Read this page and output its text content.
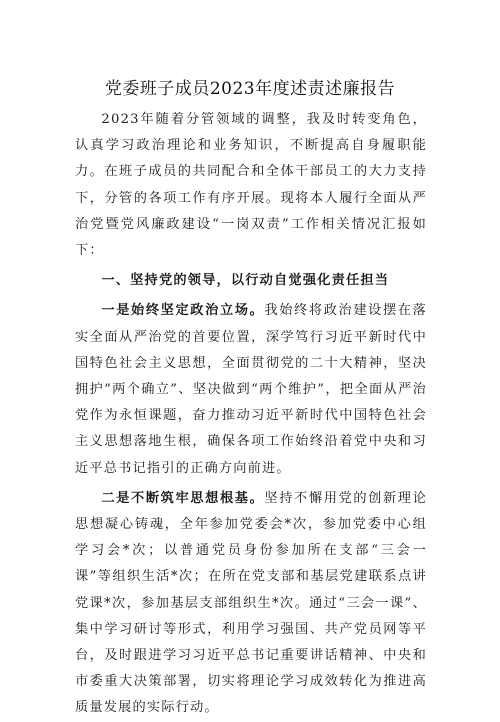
党委班子成员2023年度述责述廉报告

2023年随着分管领域的调整，我及时转变角色，认真学习政治理论和业务知识，不断提高自身履职能力。在班子成员的共同配合和全体干部员工的大力支持下，分管的各项工作有序开展。现将本人履行全面从严治党暨党风廉政建设“一岗双责”工作相关情况汇报如下：

一、坚持党的领导，以行动自觉强化责任担当

一是始终坚定政治立场。我始终将政治建设摆在落实全面从严治党的首要位置，深学笃行习近平新时代中国特色社会主义思想，全面贯彻党的二十大精神，坚决拥护“两个确立”、坚决做到“两个维护”，把全面从严治党作为永恒课题，奋力推动习近平新时代中国特色社会主义思想落地生根，确保各项工作始终沿着党中央和习近平总书记指引的正确方向前进。

二是不断筑牢思想根基。坚持不懈用党的创新理论思想凝心铸魂，全年参加党委会*次，参加党委中心组学习会*次；以普通党员身份参加所在支部“三会一课”等组织生活*次；在所在党支部和基层党建联系点讲党课*次，参加基层支部组织生*次。通过“三会一课”、集中学习研讨等形式，利用学习强国、共产党员网等平台，及时跟进学习习近平总书记重要讲话精神、中央和市委重大决策部署，切实将理论学习成效转化为推进高质量发展的实际行动。
